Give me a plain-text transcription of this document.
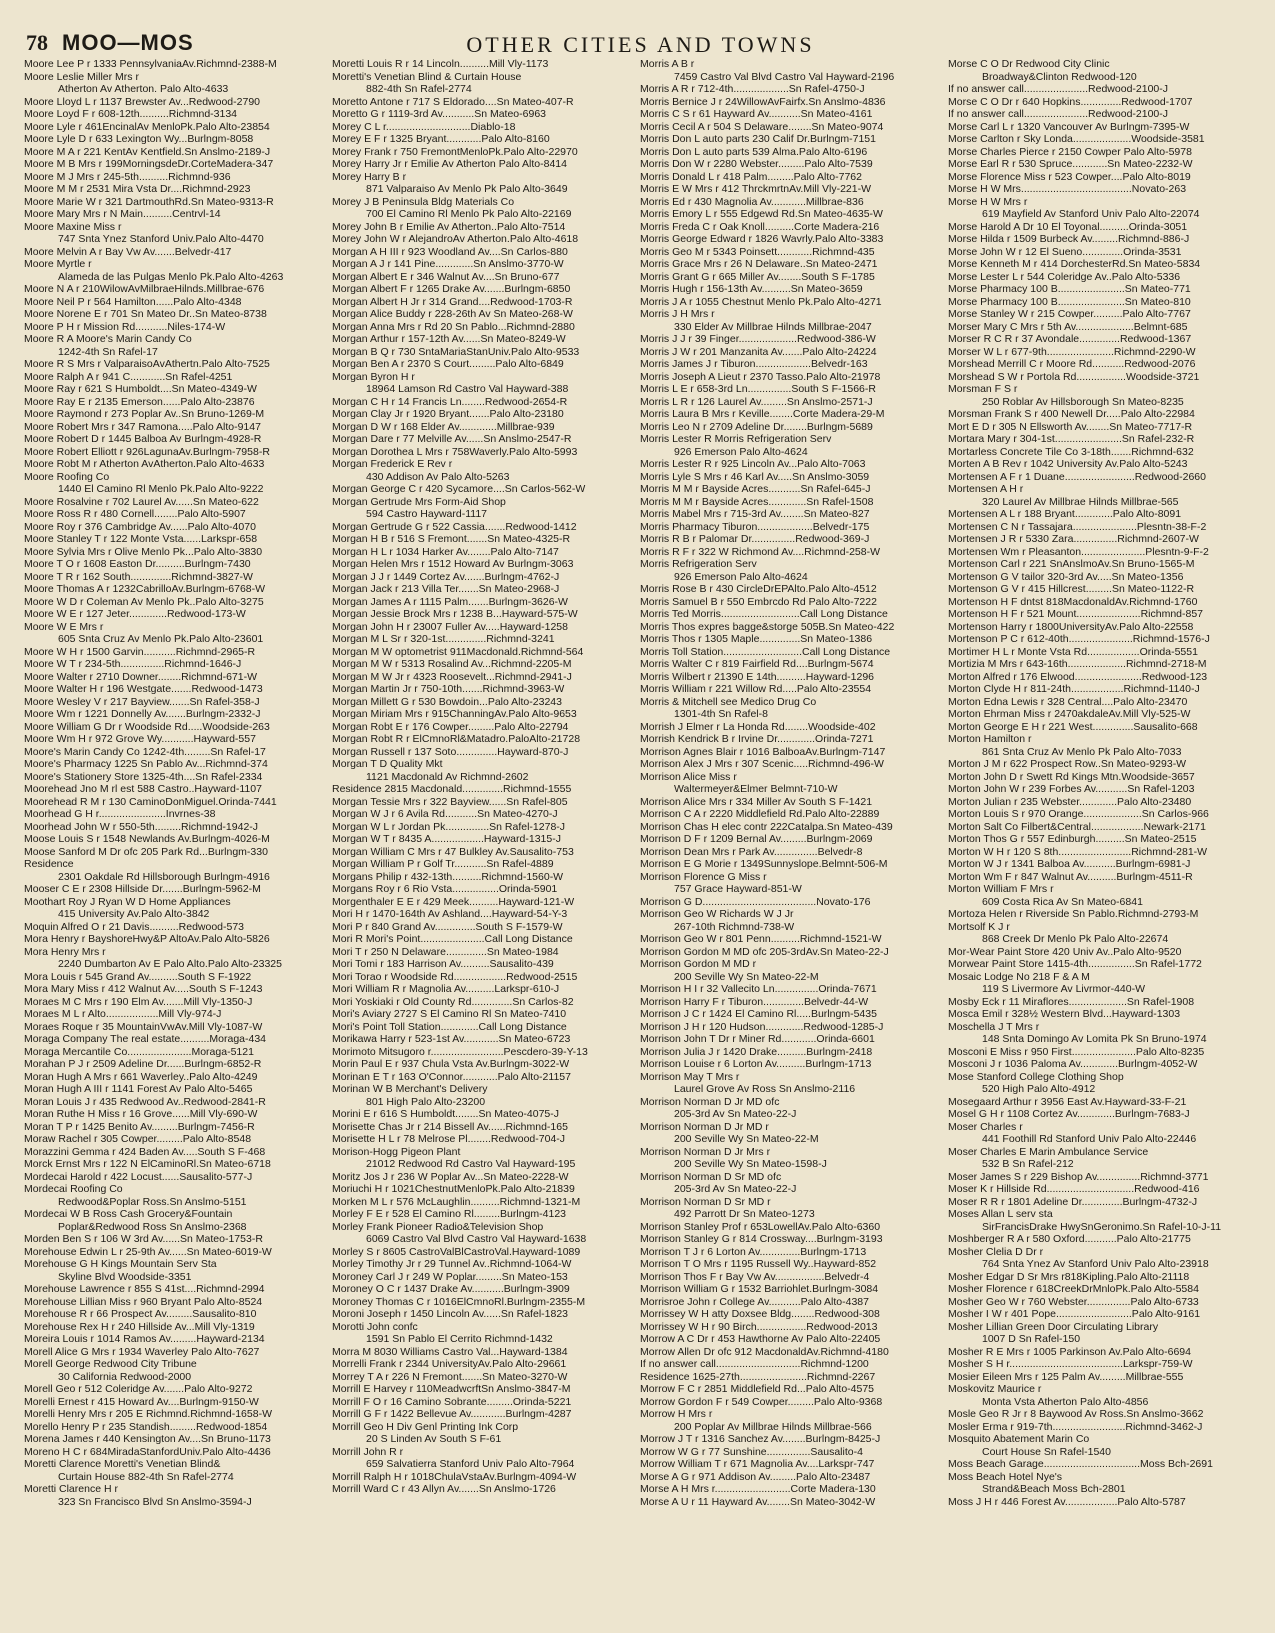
78 MOO—MOS	OTHER CITIES AND TOWNS
Moore Lee P r 1333 PennsylvaniaAv.Richmnd-2388-M
Moore Leslie Miller Mrs r
Atherton Av Atherton. Palo Alto-4633
Moore Lloyd L r 1137 Brewster Av...Redwood-2790
Moore Loyd F r 608-12th..........Richmnd-3134
Moore Lyle r 461EncinalAv MenloPk.Palo Alto-23854
Moore Lyle D r 633 Lexington Wy...Burlngm-8058
Moore M A r 221 KentAv Kentfield.Sn Anslmo-2189-J
Moore M B Mrs r 199MorningsdeDr.CorteMadera-347
Moore M J Mrs r 245-5th..........Richmnd-936
Moore M M r 2531 Mira Vsta Dr....Richmnd-2923
Moore Marie W r 321 DartmouthRd.Sn Mateo-9313-R
Moore Mary Mrs r N Main..........Centrvl-14
Moore Maxine Miss r
747 Snta Ynez Stanford Univ.Palo Alto-4470
Moore Melvin A r Bay Vw Av.......Belvedr-417
Moore Myrtle r
Alameda de las Pulgas Menlo Pk.Palo Alto-4263
Moore N A r 210WilowAvMilbraeHilnds.Millbrae-676
Moore Neil P r 564 Hamilton......Palo Alto-4348
Moore Norene E r 701 Sn Mateo Dr..Sn Mateo-8738
Moore P H r Mission Rd...........Niles-174-W
Moore R A Moore's Marin Candy Co
1242-4th Sn Rafel-17
Moore R S Mrs r ValparaisoAvAthertn.Palo Alto-7525
Moore Ralph A r 941 C............Sn Rafel-4251
Moore Ray r 621 S Humboldt....Sn Mateo-4349-W
Moore Ray E r 2135 Emerson......Palo Alto-23876
Moore Raymond r 273 Poplar Av..Sn Bruno-1269-M
Moore Robert Mrs r 347 Ramona.....Palo Alto-9147
Moore Robert D r 1445 Balboa Av Burlngm-4928-R
Moore Robert Elliott r 926LagunaAv.Burlngm-7958-R
Moore Robt M r Atherton AvAtherton.Palo Alto-4633
Moore Roofing Co
1440 El Camino Rl Menlo Pk.Palo Alto-9222
Moore Rosalvine r 702 Laurel Av......Sn Mateo-622
Moore Ross R r 480 Cornell........Palo Alto-5907
Moore Roy r 376 Cambridge Av......Palo Alto-4070
Moore Stanley T r 122 Monte Vsta......Larkspr-658
Moore Sylvia Mrs r Olive Menlo Pk...Palo Alto-3830
Moore T O r 1608 Easton Dr..........Burlngm-7430
Moore T R r 162 South..............Richmnd-3827-W
Moore Thomas A r 1232CabrilloAv.Burlngm-6768-W
Moore W D r Coleman Av Menlo Pk..Palo Alto-3275
Moore W E r 127 Jeter.............Redwood-173-W
Moore W E Mrs r
605 Snta Cruz Av Menlo Pk.Palo Alto-23601
Moore W H r 1500 Garvin...........Richmnd-2965-R
Moore W T r 234-5th...............Richmnd-1646-J
Moore Walter r 2710 Downer........Richmnd-671-W
Moore Walter H r 196 Westgate.......Redwood-1473
Moore Wesley V r 217 Bayview.......Sn Rafel-358-J
Moore Wm r 1221 Donnelly Av.......Burlngm-2332-J
Moore William G Dr r Woodside Rd.....Woodside-263
Moore Wm H r 972 Grove Wy...........Hayward-557
Moore's Marin Candy Co 1242-4th.........Sn Rafel-17
Moore's Pharmacy 1225 Sn Pablo Av...Richmnd-374
Moore's Stationery Store 1325-4th....Sn Rafel-2334
Moorehead Jno M rl est 588 Castro..Hayward-1107
Moorehead R M r 130 CaminoDonMiguel.Orinda-7441
Moorhead G H r.......................Invrnes-38
Moorhead John W r 550-5th.........Richmnd-1942-J
Moose Louis S r 1548 Newlands Av.Burlngm-4026-M
Moose Sanford M Dr ofc 205 Park Rd...Burlngm-330
Residence
2301 Oakdale Rd Hillsborough Burlngm-4916
Mooser C E r 2308 Hillside Dr.......Burlngm-5962-M
Moothart Roy J Ryan W D Home Appliances
415 University Av.Palo Alto-3842
Moquin Alfred O r 21 Davis..........Redwood-573
Mora Henry r BayshoreHwy&P AltoAv.Palo Alto-5826
Mora Henry Mrs r
2240 Dumbarton Av E Palo Alto.Palo Alto-23325
Mora Louis r 545 Grand Av..........South S F-1922
Mora Mary Miss r 412 Walnut Av.....South S F-1243
Moraes M C Mrs r 190 Elm Av.......Mill Vly-1350-J
Moraes M L r Alto..................Mill Vly-974-J
Moraes Roque r 35 MountainVwAv.Mill Vly-1087-W
Moraga Company The real estate..........Moraga-434
Moraga Mercantile Co......................Moraga-5121
Morahan P J r 2509 Adeline Dr......Burlngm-6852-R
Moran Hugh A Mrs r 661 Waverley..Palo Alto-4249
Moran Hugh A III r 1141 Forest Av Palo Alto-5465
Moran Louis J r 435 Redwood Av..Redwood-2841-R
Moran Ruthe H Miss r 16 Grove......Mill Vly-690-W
Moran T P r 1425 Benito Av.........Burlngm-7456-R
Moraw Rachel r 305 Cowper.........Palo Alto-8548
Morazzini Gemma r 424 Baden Av.....South S F-468
Morck Ernst Mrs r 122 N ElCaminoRl.Sn Mateo-6718
Mordecai Harold r 422 Locust......Sausalito-577-J
Mordecai Roofing Co
Redwood&Poplar Ross.Sn Anslmo-5151
Mordecai W B Ross Cash Grocery&Fountain
Poplar&Redwood Ross Sn Anslmo-2368
Morden Ben S r 106 W 3rd Av......Sn Mateo-1753-R
Morehouse Edwin L r 25-9th Av......Sn Mateo-6019-W
Morehouse G H Kings Mountain Serv Sta
Skyline Blvd Woodside-3351
Morehouse Lawrence r 855 S 41st....Richmnd-2994
Morehouse Lillian Miss r 960 Bryant Palo Alto-8524
Morehouse R r 66 Prospect Av.........Sausalito-810
Morehouse Rex H r 240 Hillside Av...Mill Vly-1319
Moreira Louis r 1014 Ramos Av.........Hayward-2134
Morell Alice G Mrs r 1934 Waverley Palo Alto-7627
Morell George Redwood City Tribune
30 California Redwood-2000
Morell Geo r 512 Coleridge Av.......Palo Alto-9272
Morelli Ernest r 415 Howard Av....Burlngm-9150-W
Morelli Henry Mrs r 205 E Richmnd.Richmnd-1658-W
Morello Henry P r 235 Standish.........Redwood-1854
Morena James r 440 Kensington Av....Sn Bruno-1173
Moreno H C r 684MiradaStanfordUniv.Palo Alto-4436
Moretti Clarence Moretti's Venetian Blind&
Curtain House 882-4th Sn Rafel-2774
Moretti Clarence H r
323 Sn Francisco Blvd Sn Anslmo-3594-J
Moretti Louis R r 14 Lincoln..........Mill Vly-1173
Moretti's Venetian Blind & Curtain House
882-4th Sn Rafel-2774
Moretto Antone r 717 S Eldorado....Sn Mateo-407-R
Moretto G r 1119-3rd Av...........Sn Mateo-6963
Morey C L r.............................Diablo-18
Morey E F r 1325 Bryant............Palo Alto-8160
Morey Frank r 750 FremontMenloPk.Palo Alto-22970
Morey Harry Jr r Emilie Av Atherton Palo Alto-8414
Morey Harry B r
871 Valparaiso Av Menlo Pk Palo Alto-3649
Morey J B Peninsula Bldg Materials Co
700 El Camino Rl Menlo Pk Palo Alto-22169
Morey John B r Emilie Av Atherton..Palo Alto-7514
Morey John W r AlejandroAv Atherton.Palo Alto-4618
Morgan A H III r 923 Woodland Av....Sn Carlos-880
Morgan A J r 141 Pine.............Sn Anslmo-3770-W
Morgan Albert E r 346 Walnut Av....Sn Bruno-677
Morgan Albert F r 1265 Drake Av.......Burlngm-6850
Morgan Albert H Jr r 314 Grand....Redwood-1703-R
Morgan Alice Buddy r 228-26th Av Sn Mateo-268-W
Morgan Anna Mrs r Rd 20 Sn Pablo...Richmnd-2880
Morgan Arthur r 157-12th Av......Sn Mateo-8249-W
Morgan B Q r 730 SntaMariaStanUniv.Palo Alto-9533
Morgan Ben A r 2370 S Court.........Palo Alto-6849
Morgan Byron H r
18964 Lamson Rd Castro Val Hayward-388
Morgan C H r 14 Francis Ln........Redwood-2654-R
Morgan Clay Jr r 1920 Bryant.......Palo Alto-23180
Morgan D W r 168 Elder Av.............Millbrae-939
Morgan Dare r 77 Melville Av......Sn Anslmo-2547-R
Morgan Dorothea L Mrs r 758Waverly.Palo Alto-5993
Morgan Frederick E Rev r
430 Addison Av Palo Alto-5263
Morgan George C r 420 Sycamore....Sn Carlos-562-W
Morgan Gertrude Mrs Form-Aid Shop
594 Castro Hayward-1117
Morgan Gertrude G r 522 Cassia.......Redwood-1412
Morgan H B r 516 S Fremont.......Sn Mateo-4325-R
Morgan H L r 1034 Harker Av........Palo Alto-7147
Morgan Helen Mrs r 1512 Howard Av Burlngm-3063
Morgan J J r 1449 Cortez Av.......Burlngm-4762-J
Morgan Jack r 213 Villa Ter.......Sn Mateo-2968-J
Morgan James A r 1115 Palm.......Burlngm-3626-W
Morgan Jessie Brock Mrs r 1238 B...Hayward-575-W
Morgan John H r 23007 Fuller Av.....Hayward-1258
Morgan M L Sr r 320-1st..............Richmnd-3241
Morgan M W optometrist 911Macdonald.Richmnd-564
Morgan M W r 5313 Rosalind Av...Richmnd-2205-M
Morgan M W Jr r 4323 Roosevelt...Richmnd-2941-J
Morgan Martin Jr r 750-10th.......Richmnd-3963-W
Morgan Millett G r 530 Bowdoin...Palo Alto-23243
Morgan Miriam Mrs r 915ChanningAv.Palo Alto-9653
Morgan Robt E r 176 Cowper.........Palo Alto-22794
Morgan Robt R r ElCmnoRl&Matadro.PaloAlto-21728
Morgan Russell r 137 Soto..............Hayward-870-J
Morgan T D Quality Mkt
1121 Macdonald Av Richmnd-2602
Residence 2815 Macdonald..............Richmnd-1555
Morgan Tessie Mrs r 322 Bayview......Sn Rafel-805
Morgan W J r 6 Avila Rd...........Sn Mateo-4270-J
Morgan W L r Jordan Pk...............Sn Rafel-1278-J
Morgan W T r 8435 A..................Hayward-1315-J
Morgan William C Mrs r 47 Bulkley Av.Sausalito-753
Morgan William P r Golf Tr...........Sn Rafel-4889
Morgans Philip r 432-13th..........Richmnd-1560-W
Morgans Roy r 6 Rio Vsta................Orinda-5901
Morgenthaler E E r 429 Meek..........Hayward-121-W
Mori H r 1470-164th Av Ashland....Hayward-54-Y-3
Mori P r 840 Grand Av..............South S F-1579-W
Mori R Mori's Point......................Call Long Distance
Mori T r 250 N Delaware..............Sn Mateo-1984
Mori Tomi r 183 Harrison Av..........Sausalito-439
Mori Torao r Woodside Rd..................Redwood-2515
Mori William R r Magnolia Av..........Larkspr-610-J
Mori Yoskiaki r Old County Rd..............Sn Carlos-82
Mori's Aviary 2727 S El Camino Rl Sn Mateo-7410
Mori's Point Toll Station.............Call Long Distance
Morikawa Harry r 523-1st Av............Sn Mateo-6723
Morimoto Mitsugoro r.........................Pescdero-39-Y-13
Morin Paul E r 937 Chula Vsta Av.Burlngm-3022-W
Morinan E T r 163 O'Connor............Palo Alto-21157
Morinan W B Merchant's Delivery
801 High Palo Alto-23200
Morini E r 616 S Humboldt........Sn Mateo-4075-J
Morisette Chas Jr r 214 Bissell Av......Richmnd-165
Morisette H L r 78 Melrose Pl........Redwood-704-J
Morison-Hogg Pigeon Plant
21012 Redwood Rd Castro Val Hayward-195
Moritz Jos J r 236 W Poplar Av...Sn Mateo-2228-W
Moriuchi H r 1021ChestnutMenloPk.Palo Alto-21839
Morken M L r 576 McLaughlin..........Richmnd-1321-M
Morley F E r 528 El Camino Rl.........Burlngm-4123
Morley Frank Pioneer Radio&Television Shop
6069 Castro Val Blvd Castro Val Hayward-1638
Morley S r 8605 CastroValBlCastroVal.Hayward-1089
Morley Timothy Jr r 29 Tunnel Av..Richmnd-1064-W
Moroney Carl J r 249 W Poplar.........Sn Mateo-153
Moroney O C r 1437 Drake Av...........Burlngm-3909
Moroney Thomas C r 1016ElCmnoRl.Burlngm-2355-M
Moroni Joseph r 1450 Lincoln Av......Sn Rafel-1823
Morotti John confc
1591 Sn Pablo El Cerrito Richmnd-1432
Morra M 8030 Williams Castro Val...Hayward-1384
Morrelli Frank r 2344 UniversityAv.Palo Alto-29661
Morrey T A r 226 N Fremont.......Sn Mateo-3270-W
Morrill E Harvey r 110MeadwcrftSn Anslmo-3847-M
Morrill F O r 16 Camino Sobrante.........Orinda-5221
Morrill G F r 1422 Bellevue Av............Burlngm-4287
Morrill Geo H Div Genl Printing Ink Corp
20 S Linden Av South S F-61
Morrill John R r
659 Salvatierra Stanford Univ Palo Alto-7964
Morrill Ralph H r 1018ChulaVstaAv.Burlngm-4094-W
Morrill Ward C r 43 Allyn Av.......Sn Anslmo-1726
Morris A B r
7459 Castro Val Blvd Castro Val Hayward-2196
Morris A R r 712-4th...................Sn Rafel-4750-J
Morris Bernice J r 24WillowAvFairfx.Sn Anslmo-4836
Morris C S r 61 Hayward Av...........Sn Mateo-4161
Morris Cecil A r 504 S Delaware........Sn Mateo-9074
Morris Don L auto parts 230 Calif Dr.Burlngm-7151
Morris Don L auto parts 539 Alma.Palo Alto-6196
Morris Don W r 2280 Webster.........Palo Alto-7539
Morris Donald L r 418 Palm.........Palo Alto-7762
Morris E W Mrs r 412 ThrckmrtnAv.Mill Vly-221-W
Morris Ed r 430 Magnolia Av............Millbrae-836
Morris Emory L r 555 Edgewd Rd.Sn Mateo-4635-W
Morris Freda C r Oak Knoll..........Corte Madera-216
Morris George Edward r 1826 Wavrly.Palo Alto-3383
Morris Geo M r 5343 Poinsett............Richmnd-435
Morris Grace Mrs r 26 N Delaware..Sn Mateo-2471
Morris Grant G r 665 Miller Av........South S F-1785
Morris Hugh r 156-13th Av..........Sn Mateo-3659
Morris J A r 1055 Chestnut Menlo Pk.Palo Alto-4271
Morris J H Mrs r
330 Elder Av Millbrae Hilnds Millbrae-2047
Morris J J r 39 Finger....................Redwood-386-W
Morris J W r 201 Manzanita Av.......Palo Alto-24224
Morris James J r Tiburon...................Belvedr-163
Morris Joseph A Lieut r 2370 Tasso.Palo Alto-21978
Morris L E r 658-3rd Ln...............South S F-1566-R
Morris L R r 126 Laurel Av.........Sn Anslmo-2571-J
Morris Laura B Mrs r Keville........Corte Madera-29-M
Morris Leo N r 2709 Adeline Dr........Burlngm-5689
Morris Lester R Morris Refrigeration Serv
926 Emerson Palo Alto-4624
Morris Lester R r 925 Lincoln Av...Palo Alto-7063
Morris Lyle S Mrs r 46 Karl Av.....Sn Anslmo-3059
Morris M M r Bayside Acres...........Sn Rafel-645-J
Morris M M r Bayside Acres.............Sn Rafel-1508
Morris Mabel Mrs r 715-3rd Av........Sn Mateo-827
Morris Pharmacy Tiburon...................Belvedr-175
Morris R B r Palomar Dr...............Redwood-369-J
Morris R F r 322 W Richmond Av....Richmnd-258-W
Morris Refrigeration Serv
926 Emerson Palo Alto-4624
Morris Rose B r 430 CircleDrEPAlto.Palo Alto-4512
Morris Samuel B r 550 Embrcdo Rd Palo Alto-7222
Morris Ted Morris...........................Call Long Distance
Morris Thos expres bagge&storge 505B.Sn Mateo-422
Morris Thos r 1305 Maple..............Sn Mateo-1386
Morris Toll Station...........................Call Long Distance
Morris Walter C r 819 Fairfield Rd....Burlngm-5674
Morris Wilbert r 21390 E 14th..........Hayward-1296
Morris William r 221 Willow Rd.....Palo Alto-23554
Morris & Mitchell see Medico Drug Co
1301-4th Sn Rafel-8
Morrish J Elmer r La Honda Rd........Woodside-402
Morrish Kendrick B r Irvine Dr.............Orinda-7271
Morrison Agnes Blair r 1016 BalboaAv.Burlngm-7147
Morrison Alex J Mrs r 307 Scenic.....Richmnd-496-W
Morrison Alice Miss r
Waltermeyer&Elmer Belmnt-710-W
Morrison Alice Mrs r 334 Miller Av South S F-1421
Morrison C A r 2220 Middlefield Rd.Palo Alto-22889
Morrison Chas H elec contr 222Catalpa.Sn Mateo-439
Morrison D F r 1209 Bernal Av.........Burlngm-2069
Morrison Dean Mrs r Park Av...............Belvedr-8
Morrison E G Morie r 1349Sunnyslope.Belmnt-506-M
Morrison Florence G Miss r
757 Grace Hayward-851-W
Morrison G D.......................................Novato-176
Morrison Geo W Richards W J Jr
267-10th Richmnd-738-W
Morrison Geo W r 801 Penn..........Richmnd-1521-W
Morrison Gordon M MD ofc 205-3rdAv.Sn Mateo-22-J
Morrison Gordon M MD r
200 Seville Wy Sn Mateo-22-M
Morrison H I r 32 Vallecito Ln...............Orinda-7671
Morrison Harry F r Tiburon..............Belvedr-44-W
Morrison J C r 1424 El Camino Rl.....Burlngm-5435
Morrison J H r 120 Hudson.............Redwood-1285-J
Morrison John T Dr r Miner Rd............Orinda-6601
Morrison Julia J r 1420 Drake..........Burlngm-2418
Morrison Louise r 6 Lorton Av..........Burlngm-1713
Morrison May T Mrs r
Laurel Grove Av Ross Sn Anslmo-2116
Morrison Norman D Jr MD ofc
205-3rd Av Sn Mateo-22-J
Morrison Norman D Jr MD r
200 Seville Wy Sn Mateo-22-M
Morrison Norman D Jr Mrs r
200 Seville Wy Sn Mateo-1598-J
Morrison Norman D Sr MD ofc
205-3rd Av Sn Mateo-22-J
Morrison Norman D Sr MD r
492 Parrott Dr Sn Mateo-1273
Morrison Stanley Prof r 653LowellAv.Palo Alto-6360
Morrison Stanley G r 814 Crossway....Burlngm-3193
Morrison T J r 6 Lorton Av..............Burlngm-1713
Morrison T O Mrs r 1195 Russell Wy..Hayward-852
Morrison Thos F r Bay Vw Av.................Belvedr-4
Morrison William G r 1532 Barriohlet.Burlngm-3084
Morrisroe John r College Av...........Palo Alto-4387
Morrissey W H atty Doxsee Bldg........Redwood-308
Morrissey W H r 90 Birch.................Redwood-2013
Morrow A C Dr r 453 Hawthorne Av Palo Alto-22405
Morrow Allen Dr ofc 912 MacdonaldAv.Richmnd-4180
If no answer call.............................Richmnd-1200
Residence 1625-27th.......................Richmnd-2267
Morrow F C r 2851 Middlefield Rd...Palo Alto-4575
Morrow Gordon F r 549 Cowper.........Palo Alto-9368
Morrow H Mrs r
200 Poplar Av Millbrae Hilnds Millbrae-566
Morrow J T r 1316 Sanchez Av........Burlngm-8425-J
Morrow W G r 77 Sunshine...............Sausalito-4
Morrow William T r 671 Magnolia Av....Larkspr-747
Morse A G r 971 Addison Av.........Palo Alto-23487
Morse A H Mrs r..........................Corte Madera-130
Morse A U r 11 Hayward Av........Sn Mateo-3042-W
Morse C O Dr Redwood City Clinic
Broadway&Clinton Redwood-120
If no answer call......................Redwood-2100-J
Morse C O Dr r 640 Hopkins..............Redwood-1707
If no answer call......................Redwood-2100-J
Morse Carl L r 1320 Vancouver Av Burlngm-7395-W
Morse Carlton r Sky Londa....................Woodside-3581
Morse Charles Pierce r 2150 Cowper Palo Alto-5978
Morse Earl R r 530 Spruce............Sn Mateo-2232-W
Morse Florence Miss r 523 Cowper....Palo Alto-8019
Morse H W Mrs......................................Novato-263
Morse H W Mrs r
619 Mayfield Av Stanford Univ Palo Alto-22074
Morse Harold A Dr 10 El Toyonal..........Orinda-3051
Morse Hilda r 1509 Burbeck Av.........Richmnd-886-J
Morse John W r 12 El Sueno..............Orinda-3531
Morse Kenneth M r 414 DorchesterRd.Sn Mateo-5834
Morse Lester L r 544 Coleridge Av..Palo Alto-5336
Morse Pharmacy 100 B.......................Sn Mateo-771
Morse Pharmacy 100 B.......................Sn Mateo-810
Morse Stanley W r 215 Cowper..........Palo Alto-7767
Morser Mary C Mrs r 5th Av....................Belmnt-685
Morser R C R r 37 Avondale..............Redwood-1367
Morser W L r 677-9th.......................Richmnd-2290-W
Morshead Merrill C r Moore Rd...........Redwood-2076
Morshead S W r Portola Rd.................Woodside-3721
Morsman F S r
250 Roblar Av Hillsborough Sn Mateo-8235
Morsman Frank S r 400 Newell Dr.....Palo Alto-22984
Mort E D r 305 N Ellsworth Av........Sn Mateo-7717-R
Mortara Mary r 304-1st.......................Sn Rafel-232-R
Mortarless Concrete Tile Co 3-18th.......Richmnd-632
Morten A B Rev r 1042 University Av.Palo Alto-5243
Mortensen A F r 1 Duane........................Redwood-2660
Mortensen A H r
320 Laurel Av Millbrae Hilnds Millbrae-565
Mortensen A L r 188 Bryant.............Palo Alto-8091
Mortensen C N r Tassajara......................Plesntn-38-F-2
Mortensen J R r 5330 Zara...............Richmnd-2607-W
Mortensen Wm r Pleasanton......................Plesntn-9-F-2
Mortenson Carl r 221 SnAnslmoAv.Sn Bruno-1565-M
Mortenson G V tailor 320-3rd Av.....Sn Mateo-1356
Mortenson G V r 415 Hillcrest.........Sn Mateo-1122-R
Mortenson H F dntst 818MacdonaldAv.Richmnd-1760
Mortenson H F r 521 Mount......................Richmnd-857
Mortenson Harry r 1800UniversityAv.Palo Alto-22558
Mortenson P C r 612-40th......................Richmnd-1576-J
Mortimer H L r Monte Vsta Rd..................Orinda-5551
Mortizia M Mrs r 643-16th....................Richmnd-2718-M
Morton Alfred r 176 Elwood.......................Redwood-123
Morton Clyde H r 811-24th..................Richmnd-1140-J
Morton Edna Lewis r 328 Central....Palo Alto-23470
Morton Ehrman Miss r 2470akdaleAv.Mill Vly-525-W
Morton George E H r 221 West..............Sausalito-668
Morton Hamilton r
861 Snta Cruz Av Menlo Pk Palo Alto-7033
Morton J M r 622 Prospect Row..Sn Mateo-9293-W
Morton John D r Swett Rd Kings Mtn.Woodside-3657
Morton John W r 239 Forbes Av...........Sn Rafel-1203
Morton Julian r 235 Webster.............Palo Alto-23480
Morton Louis S r 970 Orange....................Sn Carlos-966
Morton Salt Co Filbert&Central..................Newark-2171
Morton Thos G r 557 Edinburgh..........Sn Mateo-2515
Morton W H r 120 S 8th.........................Richmnd-281-W
Morton W J r 1341 Balboa Av...........Burlngm-6981-J
Morton Wm F r 847 Walnut Av..........Burlngm-4511-R
Morton William F Mrs r
609 Costa Rica Av Sn Mateo-6841
Mortoza Helen r Riverside Sn Pablo.Richmnd-2793-M
Mortsolf K J r
868 Creek Dr Menlo Pk Palo Alto-22674
Mor-Wear Paint Store 420 Univ Av..Palo Alto-9520
Morwear Paint Store 1415-4th................Sn Rafel-1772
Mosaic Lodge No 218 F & A M
119 S Livermore Av Livrmor-440-W
Mosby Eck r 11 Miraflores....................Sn Rafel-1908
Mosca Emil r 328½ Western Blvd...Hayward-1303
Moschella J T Mrs r
148 Snta Domingo Av Lomita Pk Sn Bruno-1974
Mosconi E Miss r 950 First......................Palo Alto-8235
Mosconi J r 1036 Paloma Av.............Burlngm-4052-W
Mose Stanford College Clothing Shop
520 High Palo Alto-4912
Mosegaard Arthur r 3956 East Av.Hayward-33-F-21
Mosel G H r 1108 Cortez Av.............Burlngm-7683-J
Moser Charles r
441 Foothill Rd Stanford Univ Palo Alto-22446
Moser Charles E Marin Ambulance Service
532 B Sn Rafel-212
Moser James S r 229 Bishop Av...............Richmnd-3771
Moser K r Hillside Rd..............................Redwood-416
Moser R R r 1801 Adeline Dr..............Burlngm-4732-J
Moses Allan L serv sta
SirFrancisDrake HwySnGeronimo.Sn Rafel-10-J-11
Moshberger R A r 580 Oxford...........Palo Alto-21775
Mosher Clelia D Dr r
764 Snta Ynez Av Stanford Univ Palo Alto-23918
Mosher Edgar D Sr Mrs r818Kipling.Palo Alto-21118
Mosher Florence r 618CreekDrMnloPk.Palo Alto-5584
Mosher Geo W r 760 Webster...............Palo Alto-6733
Mosher I W r 401 Pope..........................Palo Alto-9161
Mosher Lillian Green Door Circulating Library
1007 D Sn Rafel-150
Mosher R E Mrs r 1005 Parkinson Av.Palo Alto-6694
Mosher S H r.......................................Larkspr-759-W
Mosier Eileen Mrs r 125 Palm Av.........Millbrae-555
Moskovitz Maurice r
Monta Vsta Atherton Palo Alto-4856
Mosle Geo R Jr r 8 Baywood Av Ross.Sn Anslmo-3662
Mosler Erma r 919-7th.........................Richmnd-3462-J
Mosquito Abatement Marin Co
Court House Sn Rafel-1540
Moss Beach Garage.................................Moss Bch-2691
Moss Beach Hotel Nye's
Strand&Beach Moss Bch-2801
Moss J H r 446 Forest Av..................Palo Alto-5787
